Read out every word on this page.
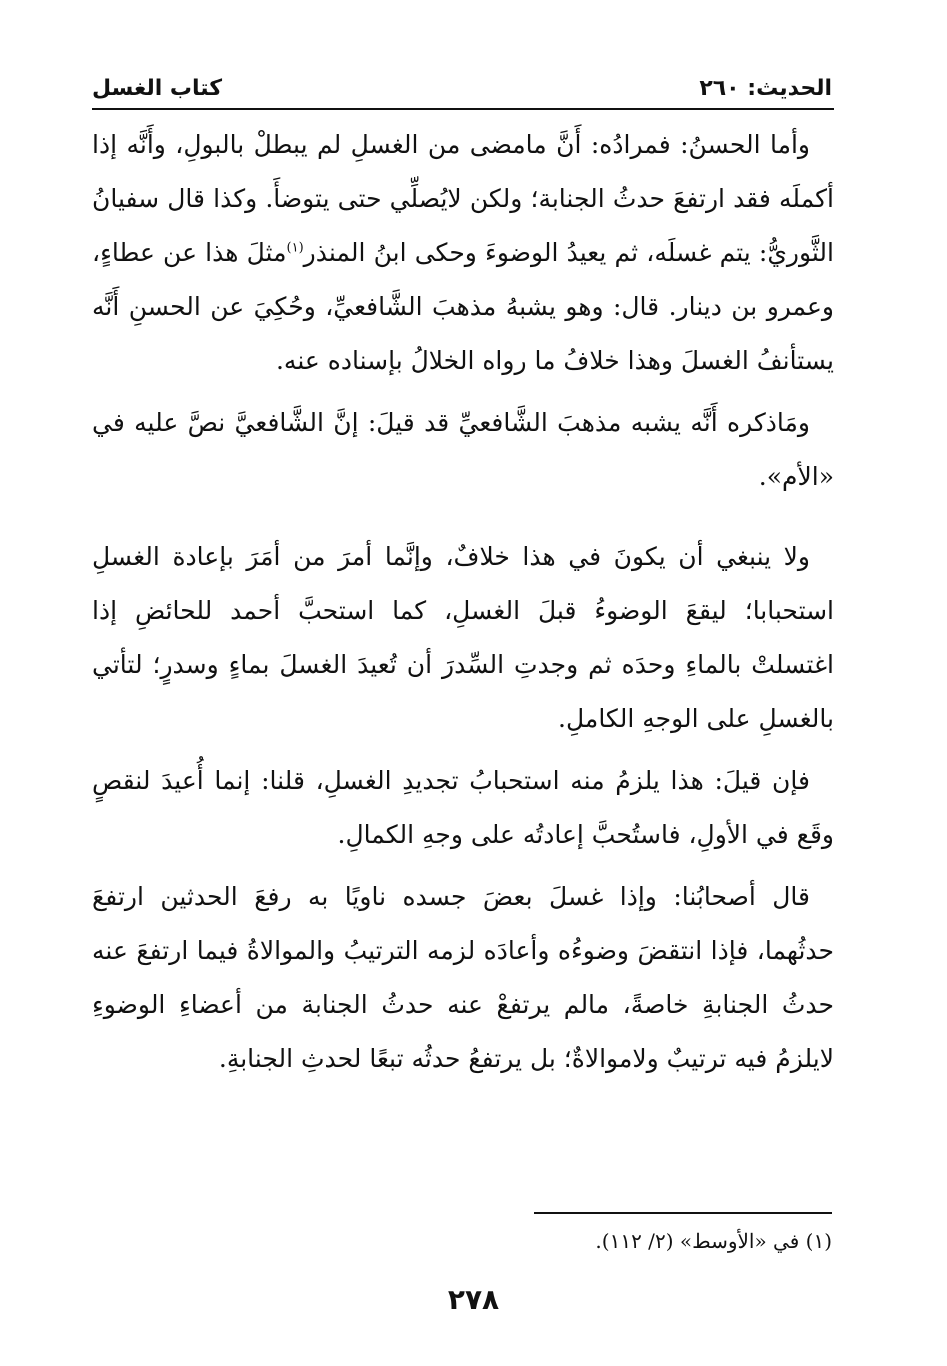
الحديث: ٢٦٠
كتاب الغسل

وأما الحسنُ: فمرادُه: أَنَّ مامضى من الغسلِ لم يبطلْ بالبولِ، وأَنَّه إذا أكملَه فقد ارتفعَ حدثُ الجنابة؛ ولكن لايُصلِّي حتى يتوضأَ. وكذا قال سفيانُ الثَّوريُّ: يتم غسلَه، ثم يعيدُ الوضوءَ وحكى ابنُ المنذر$^{(١)}$مثلَ هذا عن عطاءٍ، وعمرو بن دينار. قال: وهو يشبهُ مذهبَ الشَّافعيِّ، وحُكِيَ عن الحسنِ أَنَّه يستأنفُ الغسلَ وهذا خلافُ ما رواه الخلالُ بإسناده عنه.

ومَاذكره أَنَّه يشبه مذهبَ الشَّافعيِّ قد قيلَ: إنَّ الشَّافعيَّ نصَّ عليه في «الأم».

ولا ينبغي أن يكونَ في هذا خلافٌ، وإنَّما أمرَ من أمَرَ بإعادة الغسلِ استحبابا؛ ليقعَ الوضوءُ قبلَ الغسلِ، كما استحبَّ أحمد للحائضِ إذا اغتسلتْ بالماءِ وحدَه ثم وجدتِ السِّدرَ أن تُعيدَ الغسلَ بماءٍ وسدرٍ؛ لتأتي بالغسلِ على الوجهِ الكاملِ.

فإن قيلَ: هذا يلزمُ منه استحبابُ تجديدِ الغسلِ، قلنا: إنما أُعيدَ لنقصٍ وقَع في الأولِ، فاستُحبَّ إعادتُه على وجهِ الكمالِ.

قال أصحابُنا: وإذا غسلَ بعضَ جسده ناويًا به رفعَ الحدثين ارتفعَ حدثُهما، فإذا انتقضَ وضوءُه وأعادَه لزمه الترتيبُ والموالاةُ فيما ارتفعَ عنه حدثُ الجنابةِ خاصةً، مالم يرتفعْ عنه حدثُ الجنابة من أعضاءِ الوضوءِ لايلزمُ فيه ترتيبٌ ولاموالاةٌ؛ بل يرتفعُ حدثُه تبعًا لحدثِ الجنابةِ.

(١) في «الأوسط» (٢/ ١١٢).
٢٧٨
